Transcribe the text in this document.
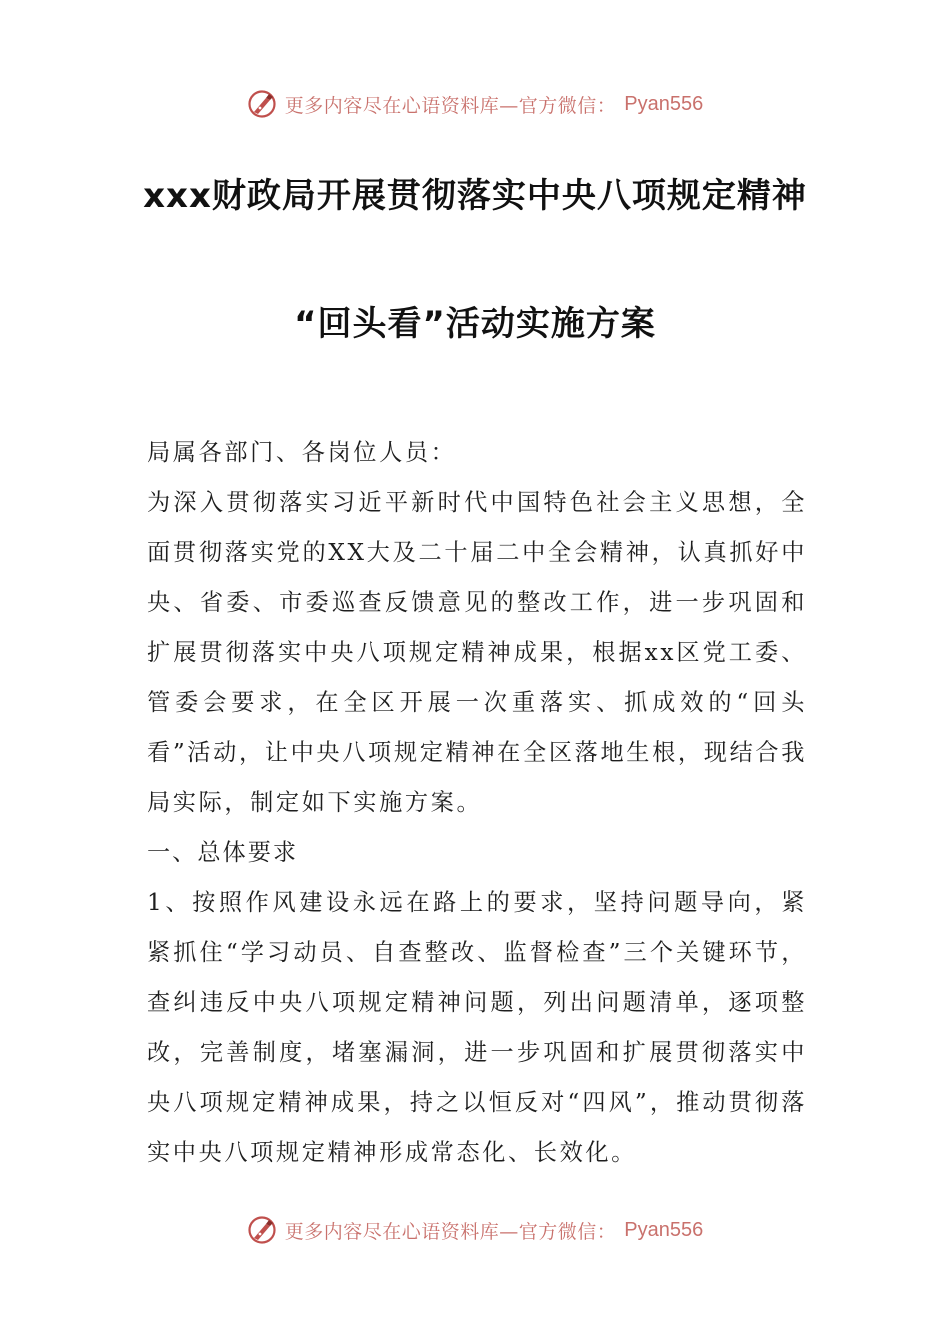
更多内容尽在心语资料库—官方微信： Pyan556
xxx财政局开展贯彻落实中央八项规定精神
“回头看”活动实施方案

局属各部门、各岗位人员：

为深入贯彻落实习近平新时代中国特色社会主义思想，全面贯彻落实党的XX大及二十届二中全会精神，认真抓好中央、省委、市委巡查反馈意见的整改工作，进一步巩固和扩展贯彻落实中央八项规定精神成果，根据xx区党工委、管委会要求，在全区开展一次重落实、抓成效的“回头看”活动，让中央八项规定精神在全区落地生根，现结合我局实际，制定如下实施方案。

一、总体要求

1、按照作风建设永远在路上的要求，坚持问题导向，紧紧抓住“学习动员、自查整改、监督检查”三个关键环节，查纠违反中央八项规定精神问题，列出问题清单，逐项整改，完善制度，堵塞漏洞，进一步巩固和扩展贯彻落实中央八项规定精神成果，持之以恒反对“四风”，推动贯彻落实中央八项规定精神形成常态化、长效化。

更多内容尽在心语资料库—官方微信： Pyan556
